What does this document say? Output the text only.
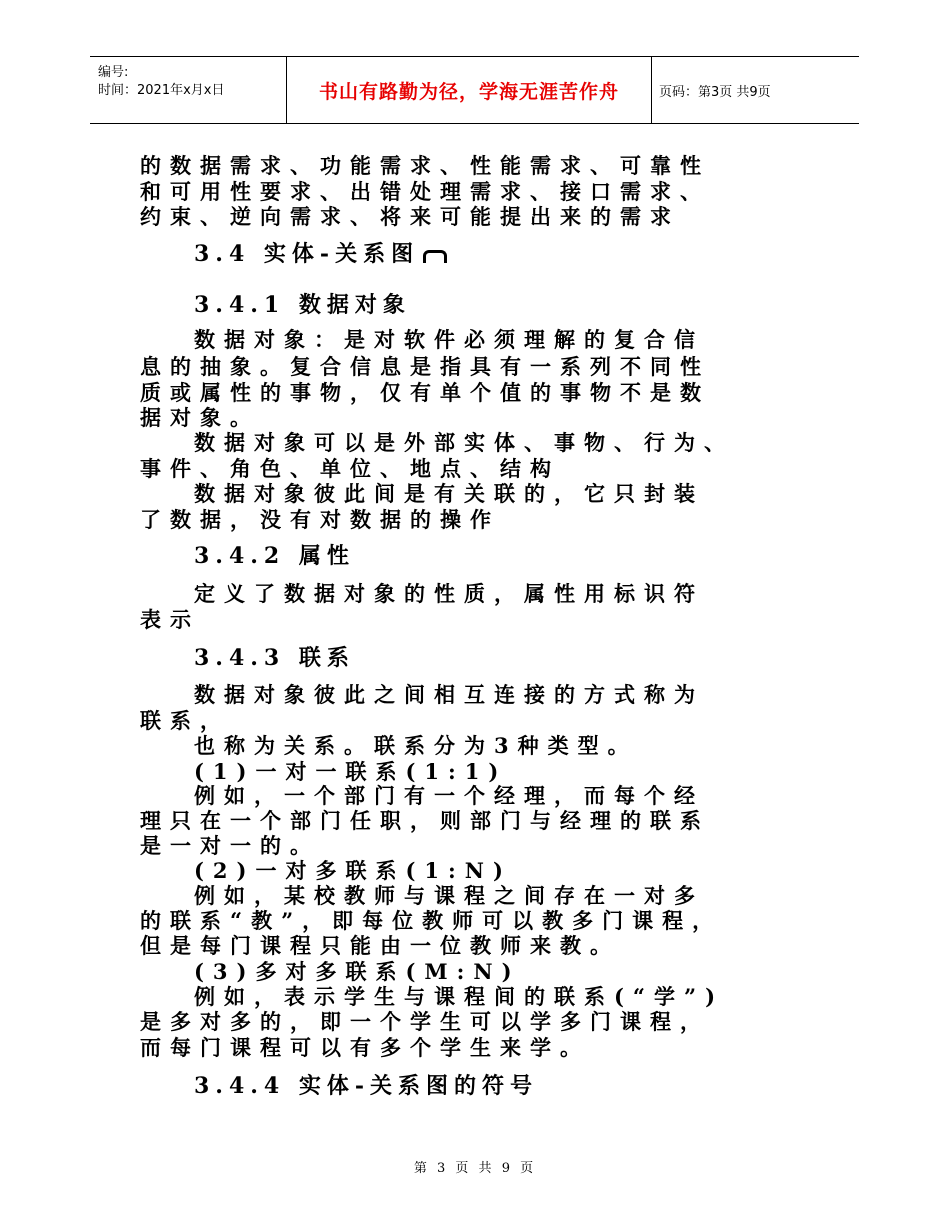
编号:
时间：2021年x月x日	书山有路勤为径，学海无涯苦作舟	页码：第3页 共9页
的数据需求、功能需求、性能需求、可靠性
和可用性要求、出错处理需求、接口需求、
约束、逆向需求、将来可能提出来的需求
3.4 实体-关系图
3.4.1 数据对象
数据对象：是对软件必须理解的复合信
息的抽象。复合信息是指具有一系列不同性
质或属性的事物，仅有单个值的事物不是数
据对象。
数据对象可以是外部实体、事物、行为、
事件、角色、单位、地点、结构
数据对象彼此间是有关联的，它只封装
了数据，没有对数据的操作
3.4.2 属性
定义了数据对象的性质，属性用标识符
表示
3.4.3 联系
数据对象彼此之间相互连接的方式称为
联系，
也称为关系。联系分为3种类型。
(1)一对一联系(1:1)
例如，一个部门有一个经理，而每个经
理只在一个部门任职，则部门与经理的联系
是一对一的。
(2)一对多联系(1:N)
例如，某校教师与课程之间存在一对多
的联系“教”，即每位教师可以教多门课程，
但是每门课程只能由一位教师来教。
(3)多对多联系(M:N)
例如，表示学生与课程间的联系(“学”)
是多对多的，即一个学生可以学多门课程，
而每门课程可以有多个学生来学。
3.4.4 实体-关系图的符号
第 3 页 共 9 页
